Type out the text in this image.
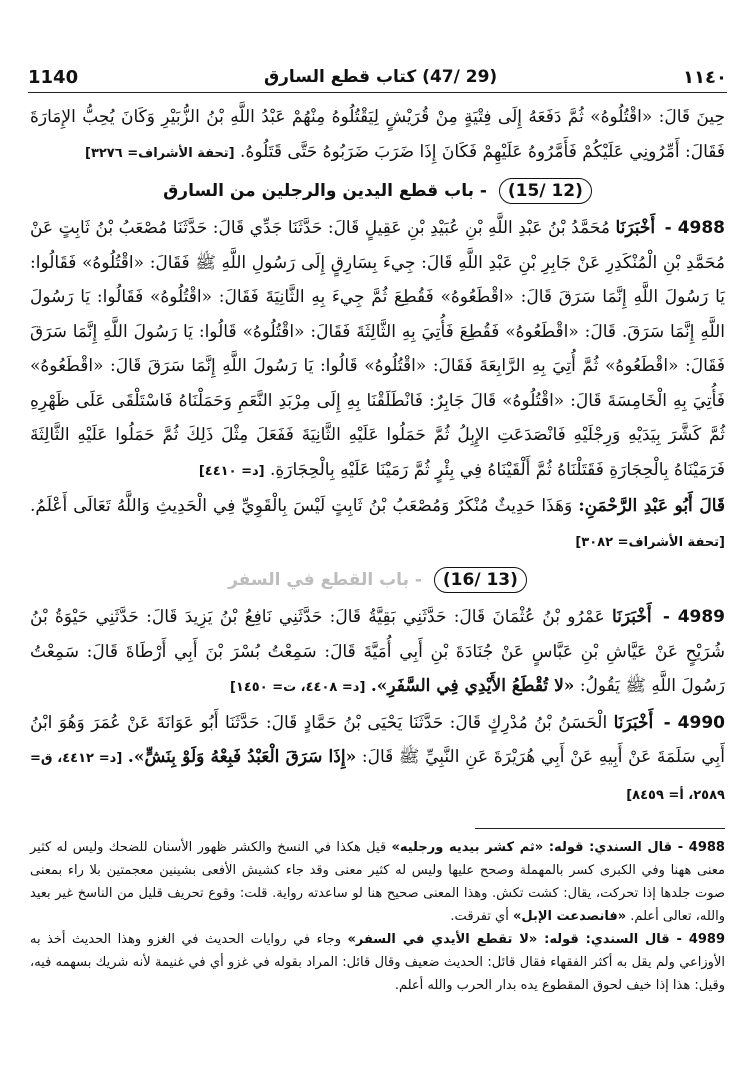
1140	(29 /47) كتاب قطع السارق	١١٤٠

حِينَ قَالَ: «اقْتُلُوهُ» ثُمَّ دَفَعَهُ إِلَى فِتْيَةٍ مِنْ قُرَيْشٍ لِيَقْتُلُوهُ مِنْهُمْ عَبْدُ اللَّهِ بْنُ الزُّبَيْرِ وَكَانَ يُحِبُّ الإِمَارَةَ فَقَالَ: أَمِّرُونِي عَلَيْكُمْ فَأَمَّرُوهُ عَلَيْهِمْ فَكَانَ إِذَا ضَرَبَ ضَرَبُوهُ حَتَّى قَتَلُوهُ. [تحفة الأشراف= ٣٢٧٦]

(12 /15) - باب قطع اليدين والرجلين من السارق

4988 - أَخْبَرَنَا مُحَمَّدُ بْنُ عَبْدِ اللَّهِ بْنِ عُبَيْدِ بْنِ عَقِيلٍ قَالَ: حَدَّثَنَا جَدِّي قَالَ: حَدَّثَنَا مُصْعَبُ بْنُ ثَابِتٍ عَنْ مُحَمَّدِ بْنِ الْمُنْكَدِرِ عَنْ جَابِرِ بْنِ عَبْدِ اللَّهِ قَالَ: جِيءَ بِسَارِقٍ إِلَى رَسُولِ اللَّهِ ﷺ فَقَالَ: «اقْتُلُوهُ» فَقَالُوا: يَا رَسُولَ اللَّهِ إِنَّمَا سَرَقَ قَالَ: «اقْطَعُوهُ» فَقُطِعَ ثُمَّ جِيءَ بِهِ الثَّانِيَةَ فَقَالَ: «اقْتُلُوهُ» فَقَالُوا: يَا رَسُولَ اللَّهِ إِنَّمَا سَرَقَ. قَالَ: «اقْطَعُوهُ» فَقُطِعَ فَأُتِيَ بِهِ الثَّالِثَةَ فَقَالَ: «اقْتُلُوهُ» قَالُوا: يَا رَسُولَ اللَّهِ إِنَّمَا سَرَقَ فَقَالَ: «اقْطَعُوهُ» ثُمَّ أُتِيَ بِهِ الرَّابِعَةَ فَقَالَ: «اقْتُلُوهُ» قَالُوا: يَا رَسُولَ اللَّهِ إِنَّمَا سَرَقَ قَالَ: «اقْطَعُوهُ» فَأُتِيَ بِهِ الْخَامِسَةَ قَالَ: «اقْتُلُوهُ» قَالَ جَابِرٌ: فَانْطَلَقْنَا بِهِ إِلَى مِرْبَدِ النَّعَمِ وَحَمَلْنَاهُ فَاسْتَلْقَى عَلَى ظَهْرِهِ ثُمَّ كَشَّرَ بِيَدَيْهِ وَرِجْلَيْهِ فَانْصَدَعَتِ الإِبِلُ ثُمَّ حَمَلُوا عَلَيْهِ الثَّانِيَةَ فَفَعَلَ مِثْلَ ذَلِكَ ثُمَّ حَمَلُوا عَلَيْهِ الثَّالِثَةَ فَرَمَيْنَاهُ بِالْحِجَارَةِ فَقَتَلْنَاهُ ثُمَّ أَلْقَيْنَاهُ فِي بِئْرٍ ثُمَّ رَمَيْنَا عَلَيْهِ بِالْحِجَارَةِ. [د= ٤٤١٠]

قَالَ أَبُو عَبْدِ الرَّحْمَنِ: وَهَذَا حَدِيثٌ مُنْكَرٌ وَمُصْعَبُ بْنُ ثَابِتٍ لَيْسَ بِالْقَوِيِّ فِي الْحَدِيثِ وَاللَّهُ تَعَالَى أَعْلَمُ. [تحفة الأشراف= ٣٠٨٢]

(13 /16) - باب القطع في السفر

4989 - أَخْبَرَنَا عَمْرُو بْنُ عُثْمَانَ قَالَ: حَدَّثَنِي بَقِيَّةُ قَالَ: حَدَّثَنِي نَافِعُ بْنُ يَزِيدَ قَالَ: حَدَّثَنِي حَيْوَةُ بْنُ شُرَيْحٍ عَنْ عَيَّاشِ بْنِ عَبَّاسٍ عَنْ جُنَادَةَ بْنِ أَبِي أُمَيَّةَ قَالَ: سَمِعْتُ بُسْرَ بْنَ أَبِي أَرْطَاةَ قَالَ: سَمِعْتُ رَسُولَ اللَّهِ ﷺ يَقُولُ: «لا تُقْطَعُ الأَيْدِي فِي السَّفَرِ». [د= ٤٤٠٨، ت= ١٤٥٠]

4990 - أَخْبَرَنَا الْحَسَنُ بْنُ مُدْرِكٍ قَالَ: حَدَّثَنَا يَحْيَى بْنُ حَمَّادٍ قَالَ: حَدَّثَنَا أَبُو عَوَانَةَ عَنْ عُمَرَ وَهُوَ ابْنُ أَبِي سَلَمَةَ عَنْ أَبِيهِ عَنْ أَبِي هُرَيْرَةَ عَنِ النَّبِيِّ ﷺ قَالَ: «إِذَا سَرَقَ الْعَبْدُ فَبِعْهُ وَلَوْ بِنَشٍّ». [د= ٤٤١٢، ق= ٢٥٨٩، أ= ٨٤٥٩]

4988 - قال السندي: قوله: «ثم كشر بيديه ورجليه» قيل هكذا في النسخ والكشر ظهور الأسنان للضحك وليس له كثير معنى ههنا وفي الكبرى كسر بالمهملة وصحح عليها وليس له كثير معنى وقد جاء كشيش الأفعى بشينين معجمتين بلا راء بمعنى صوت جلدها إذا تحركت، يقال: كشت تكش. وهذا المعنى صحيح هنا لو ساعدته رواية. قلت: وقوع تحريف قليل من الناسخ غير بعيد والله، تعالى أعلم. «فانصدعت الإبل» أي تفرقت.

4989 - قال السندي: قوله: «لا تقطع الأيدي في السفر» وجاء في روايات الحديث في الغزو وهذا الحديث أخذ به الأوزاعي ولم يقل به أكثر الفقهاء فقال قائل: الحديث ضعيف وقال قائل: المراد بقوله في غزو أي في غنيمة لأنه شريك بسهمه فيه، وقيل: هذا إذا خيف لحوق المقطوع يده بدار الحرب والله أعلم.
